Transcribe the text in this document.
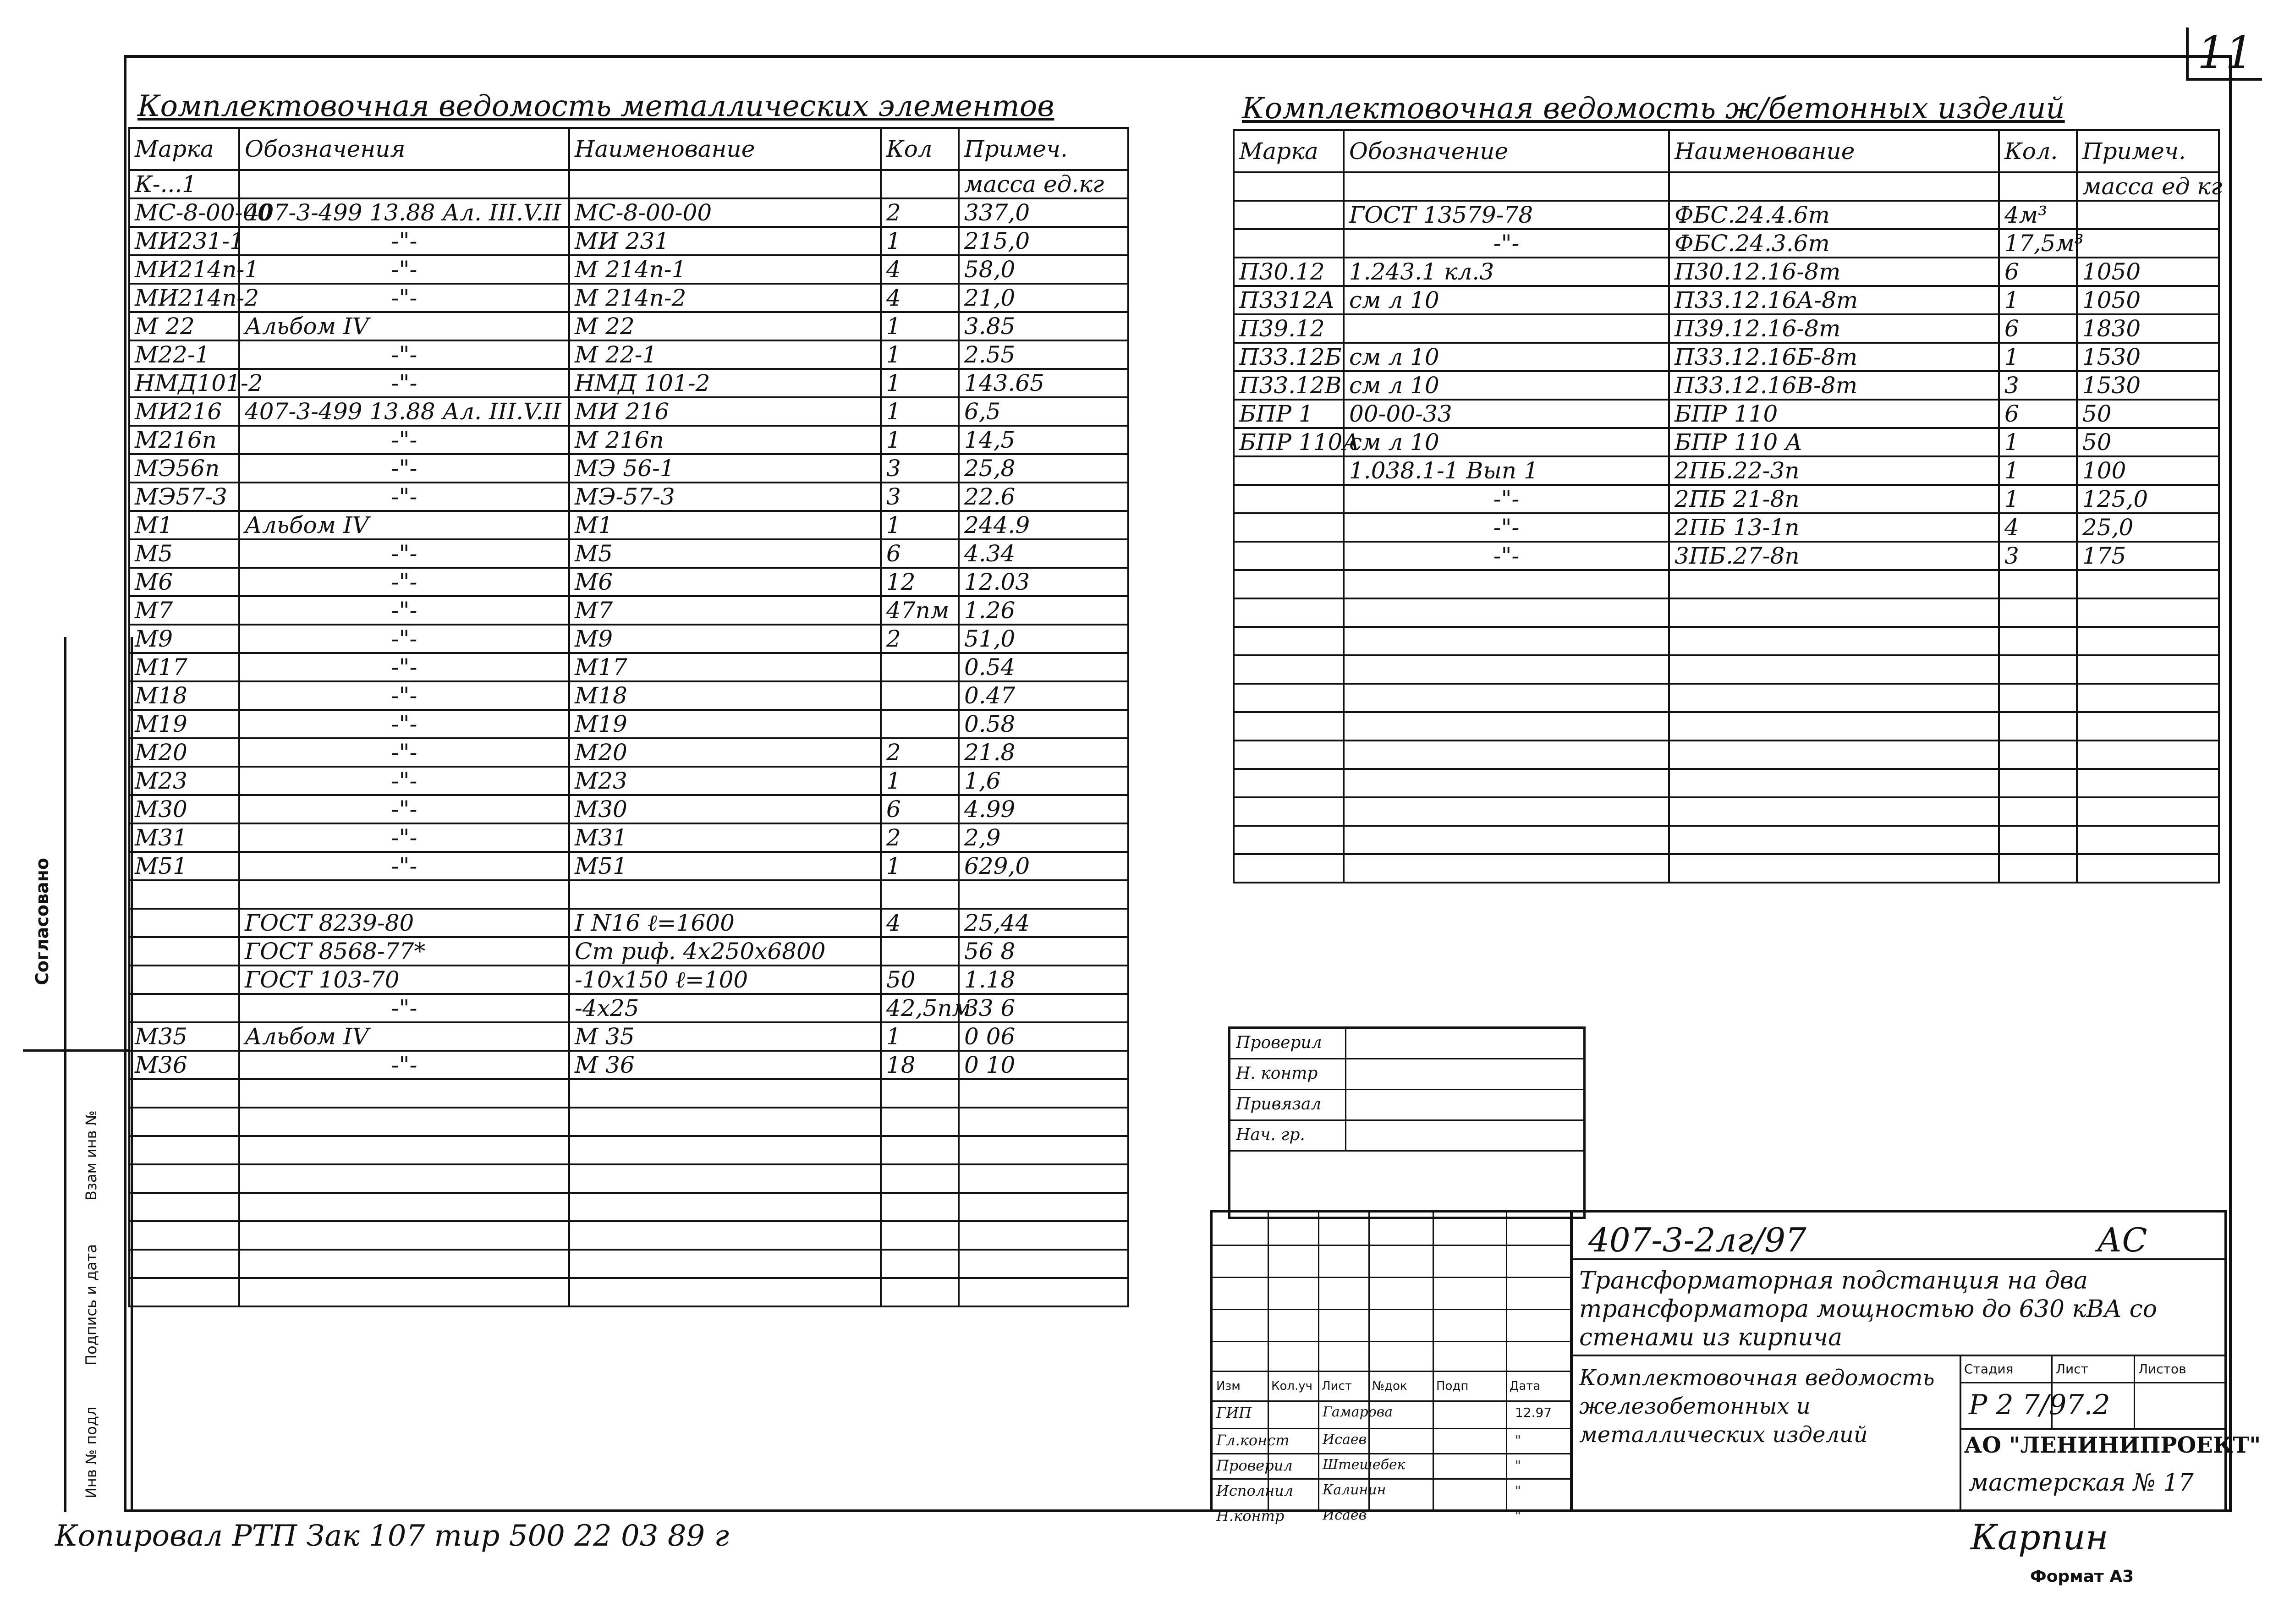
11
Согласовано
Взам инв №
Подпись и дата
Инв № подл
Комплектовочная ведомость металлических элементов
Марка	Обозначения	Наименование	Кол	Примеч.
К-...1				масса ед.кг
МС-8-00-00	407-3-499 13.88 Ал. III.V.II	МС-8-00-00	2	337,0
МИ231-1	-"-	МИ 231	1	215,0
МИ214п-1	-"-	М 214п-1	4	58,0
МИ214п-2	-"-	М 214п-2	4	21,0
М 22	Альбом IV	М 22	1	3.85
М22-1	-"-	М 22-1	1	2.55
НМД101-2	-"-	НМД 101-2	1	143.65
МИ216	407-3-499 13.88 Ал. III.V.II	МИ 216	1	6,5
М216п	-"-	М 216п	1	14,5
МЭ56п	-"-	МЭ 56-1	3	25,8
МЭ57-3	-"-	МЭ-57-3	3	22.6
М1	Альбом IV	М1	1	244.9
М5	-"-	М5	6	4.34
М6	-"-	М6	12	12.03
М7	-"-	М7	47пм	1.26
М9	-"-	М9	2	51,0
М17	-"-	М17		0.54
М18	-"-	М18		0.47
М19	-"-	М19		0.58
М20	-"-	М20	2	21.8
М23	-"-	М23	1	1,6
М30	-"-	М30	6	4.99
М31	-"-	М31	2	2,9
М51	-"-	М51	1	629,0

	ГОСТ 8239-80	I N16 ℓ=1600	4	25,44
	ГОСТ 8568-77*	Ст риф. 4x250x6800		56 8
	ГОСТ 103-70	-10x150 ℓ=100	50	1.18
	-"-	-4x25	42,5пм	33 6
М35	Альбом IV	М 35	1	0 06
М36	-"-	М 36	18	0 10

Комплектовочная ведомость ж/бетонных изделий
Марка	Обозначение	Наименование	Кол.	Примеч.
				масса ед кг
	ГОСТ 13579-78	ФБС.24.4.6т	4м³	
	-"-	ФБС.24.3.6т	17,5м³	
П30.12	1.243.1 кл.3	П30.12.16-8т	6	1050
П3312А	см л 10	П33.12.16А-8т	1	1050
П39.12		П39.12.16-8т	6	1830
П33.12Б	см л 10	П33.12.16Б-8т	1	1530
П33.12В	см л 10	П33.12.16В-8т	3	1530
БПР 1	00-00-33	БПР 110	6	50
БПР 110А	см л 10	БПР 110 А	1	50
	1.038.1-1 Вып 1	2ПБ.22-3п	1	100
	-"-	2ПБ 21-8п	1	125,0
	-"-	2ПБ 13-1п	4	25,0
	-"-	3ПБ.27-8п	3	175

Проверил
Н. контр
Привязал
Нач. гр.
Изм	Кол.уч Лист №док Подп	Дата
ГИП	Гамарова	12.97
Гл.конст Исаев	"
Проверил Штешебек	"
Исполнил Калинин	"
Н.контр	Исаев	"
407-3-2лг/97	АС
Трансформаторная подстанция на два трансформатора мощностью до 630 кВА со стенами из кирпича
Комплектовочная ведомость железобетонных и металлических изделий
Стадия	Лист	Листов
Р 2 7/97.2
АО "ЛЕНИНИПРОЕКТ"
мастерская № 17
Копировал РТП Зак 107 тир 500 22 03 89 г	Карпин
Формат А3
